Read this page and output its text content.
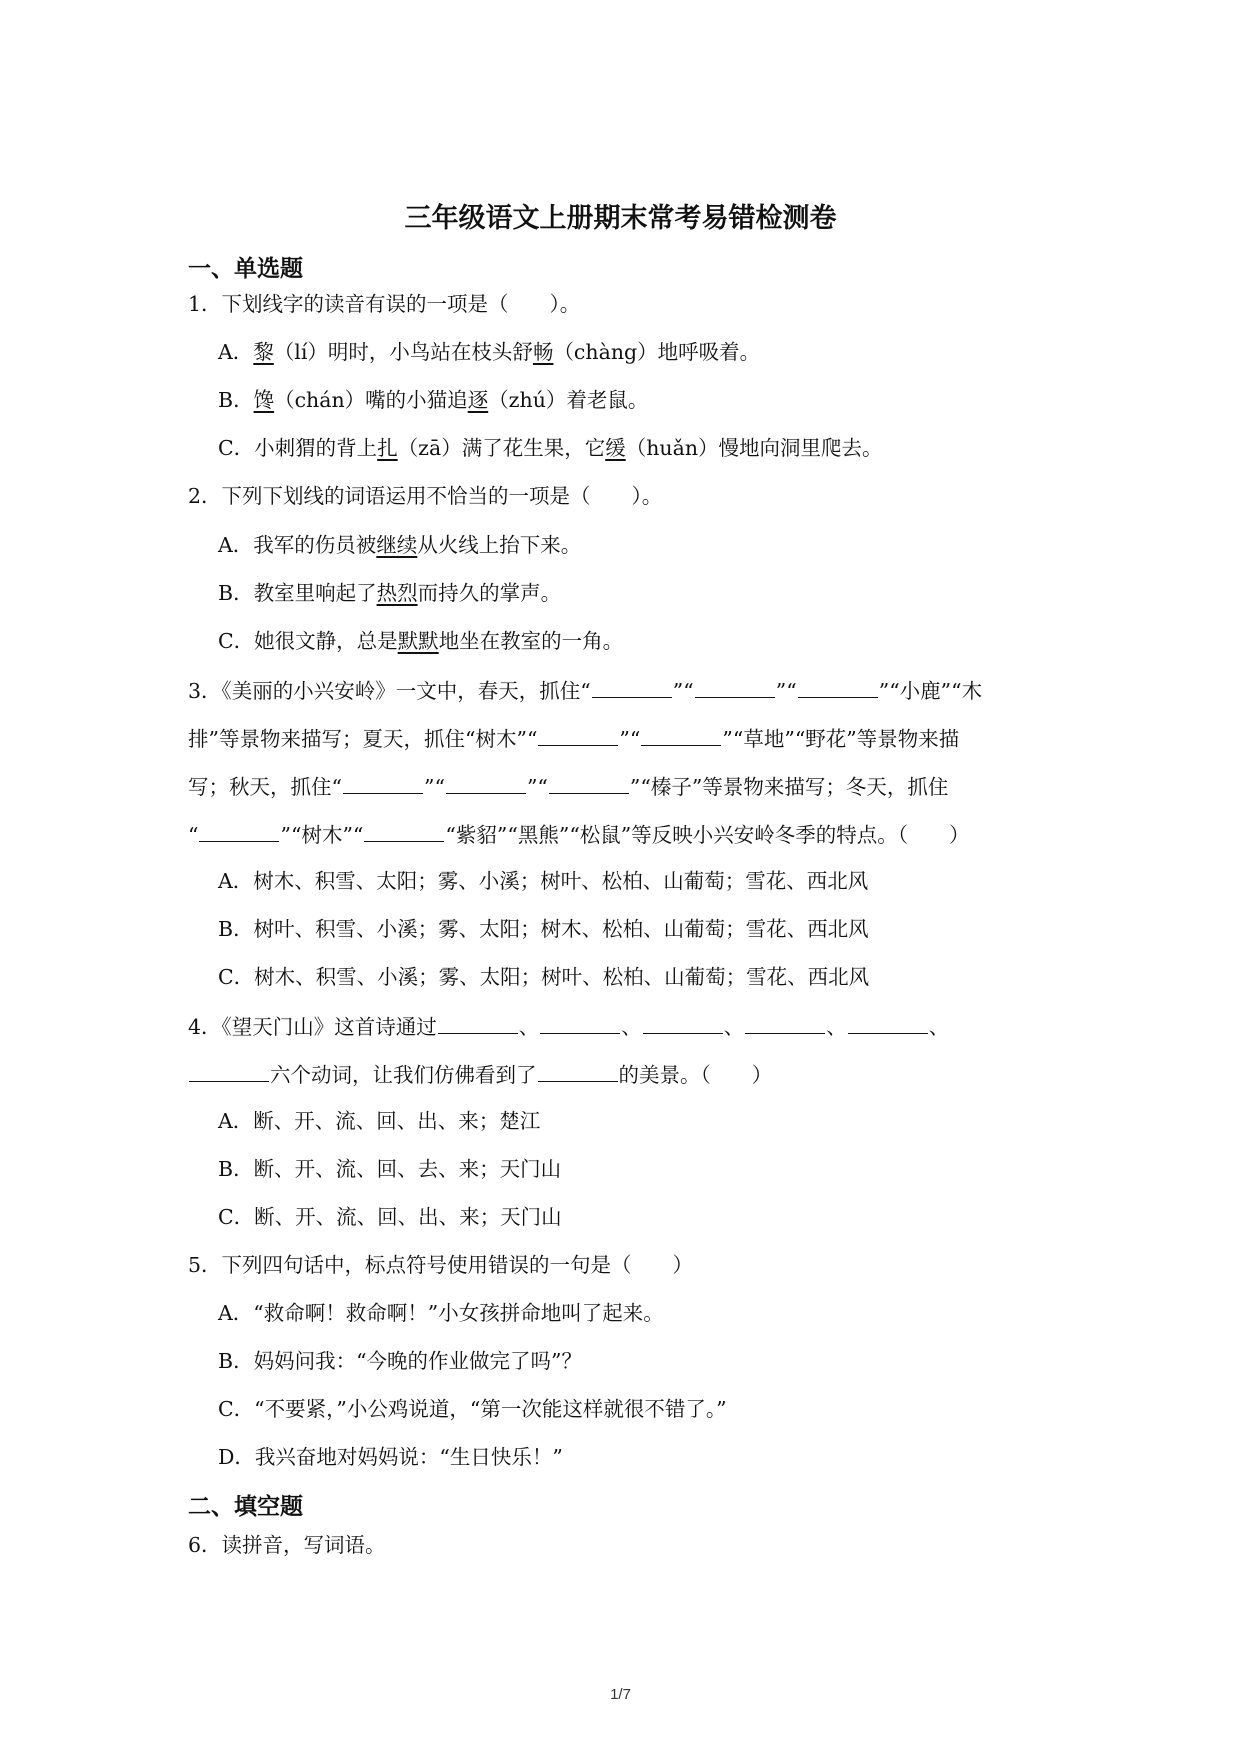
三年级语文上册期末常考易错检测卷
一、单选题
1．下划线字的读音有误的一项是（　　）。
A．黎（lí）明时，小鸟站在枝头舒畅（chàng）地呼吸着。
B．馋（chán）嘴的小猫追逐（zhú）着老鼠。
C．小刺猬的背上扎（zā）满了花生果，它缓（huǎn）慢地向洞里爬去。
2．下列下划线的词语运用不恰当的一项是（　　）。
A．我军的伤员被继续从火线上抬下来。
B．教室里响起了热烈而持久的掌声。
C．她很文静，总是默默地坐在教室的一角。
3．《美丽的小兴安岭》一文中，春天，抓住“	”“	”“	”“小鹿”“木
排”等景物来描写；夏天，抓住“树木”“	”“	”“草地”“野花”等景物来描
写；秋天，抓住“	”“	”“	”“榛子”等景物来描写；冬天，抓住
“	”“树木”“	“紫貂”“黑熊”“松鼠”等反映小兴安岭冬季的特点。（　　）
A．树木、积雪、太阳；雾、小溪；树叶、松柏、山葡萄；雪花、西北风
B．树叶、积雪、小溪；雾、太阳；树木、松柏、山葡萄；雪花、西北风
C．树木、积雪、小溪；雾、太阳；树叶、松柏、山葡萄；雪花、西北风
4．《望天门山》这首诗通过	、	、	、	、	、
六个动词，让我们仿佛看到了	的美景。（　　）
A．断、开、流、回、出、来；楚江
B．断、开、流、回、去、来；天门山
C．断、开、流、回、出、来；天门山
5．下列四句话中，标点符号使用错误的一句是（　　）
A．“救命啊！救命啊！”小女孩拼命地叫了起来。
B．妈妈问我：“今晚的作业做完了吗”？
C．“不要紧，”小公鸡说道，“第一次能这样就很不错了。”
D．我兴奋地对妈妈说：“生日快乐！”
二、填空题
6．读拼音，写词语。
1/7
